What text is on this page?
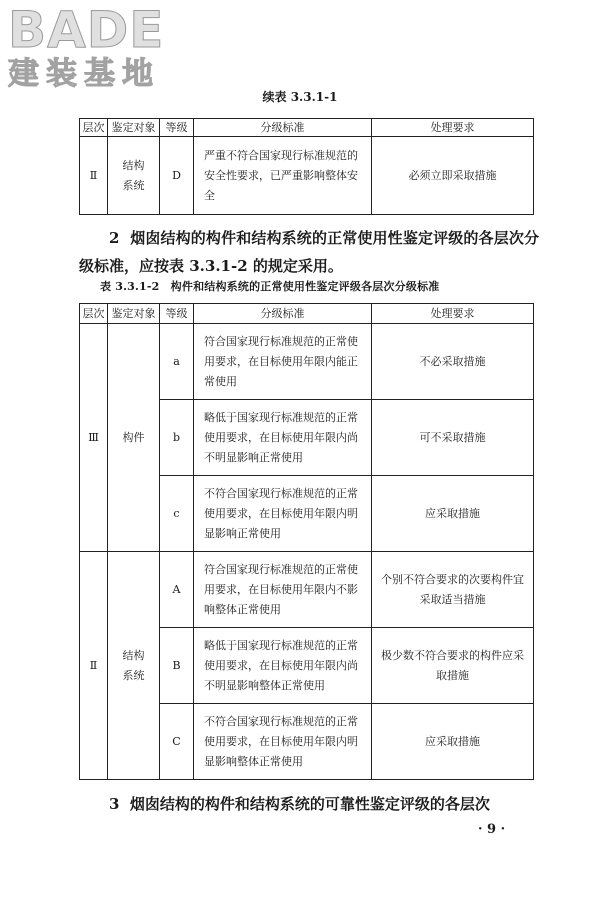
BADE
建装基地
续表 3.3.1-1
层次	鉴定对象	等级	分级标准	处理要求
Ⅱ	结构系统	D	严重不符合国家现行标准规范的安全性要求，已严重影响整体安全	必须立即采取措施
2 烟囱结构的构件和结构系统的正常使用性鉴定评级的各层次分级标准，应按表 3.3.1-2 的规定采用。
表 3.3.1-2　构件和结构系统的正常使用性鉴定评级各层次分级标准
层次	鉴定对象	等级	分级标准	处理要求
Ⅲ	构件	a	符合国家现行标准规范的正常使用要求，在目标使用年限内能正常使用	不必采取措施
		b	略低于国家现行标准规范的正常使用要求，在目标使用年限内尚不明显影响正常使用	可不采取措施
		c	不符合国家现行标准规范的正常使用要求，在目标使用年限内明显影响正常使用	应采取措施
Ⅱ	结构系统	A	符合国家现行标准规范的正常使用要求，在目标使用年限内不影响整体正常使用	个别不符合要求的次要构件宜采取适当措施

		B	略低于国家现行标准规范的正常使用要求，在目标使用年限内尚不明显影响整体正常使用	极少数不符合要求的构件应采取措施

		C	不符合国家现行标准规范的正常使用要求，在目标使用年限内明显影响整体正常使用	应采取措施
3 烟囱结构的构件和结构系统的可靠性鉴定评级的各层次
· 9 ·
